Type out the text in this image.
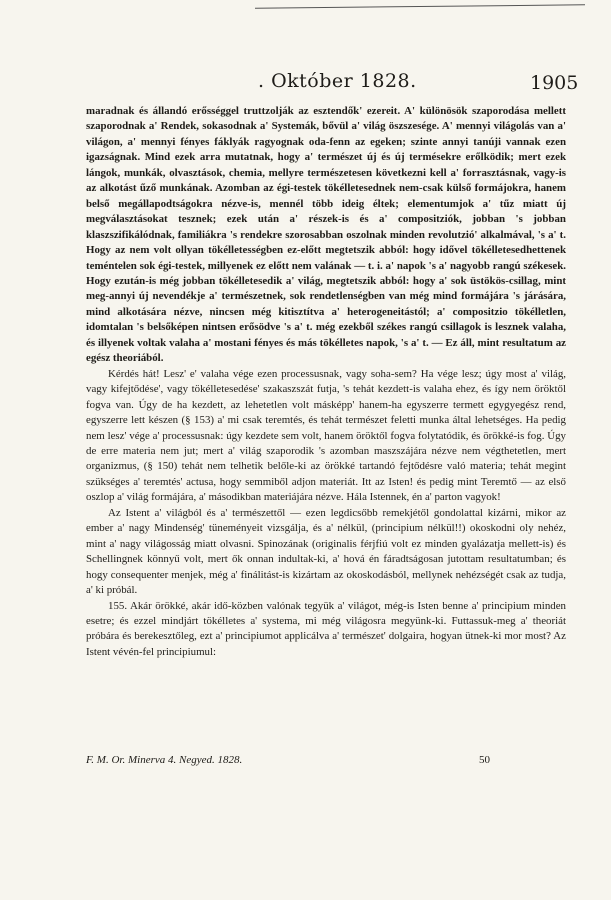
. Október 1828.	1905

maradnak és állandó erősséggel truttzolják az esztendők' ezereit. A' különösök szaporodása mellett szaporodnak a' Rendek, sokasodnak a' Systemák, bővül a' világ öszszesége. A' mennyi világolás van a' világon, a' mennyi fényes fáklyák ragyognak oda-fenn az egeken; szinte annyi tanúji vannak ezen igazságnak. Mind ezek arra mutatnak, hogy a' természet új és új termésekre erőlködik; mert ezek lángok, munkák, olvasztások, chemia, mellyre természetesen következni kell a' forrasztásnak, vagy-is az alkotást űző munkának. Azomban az égi-testek tökélletesednek nem-csak külső formájokra, hanem belső megállapodtságokra nézve-is, mennél több ideig éltek; elementumjok a' tűz miatt új megválasztásokat tesznek; ezek után a' részek-is és a' compositziók, jobban 's jobban klaszszifikálódnak, familiákra 's rendekre szorosabban oszolnak minden revolutzió' alkalmával, 's a' t. Hogy az nem volt ollyan tökélletességben ez-előtt megtetszik abból: hogy idővel tökélletesedhettenek teméntelen sok égi-testek, millyenek ez előtt nem valának — t. i. a' napok 's a' nagyobb rangú székesek. Hogy ezután-is még jobban tökélletesedik a' világ, megtetszik abból: hogy a' sok üstökös-csillag, mint meg-annyi új nevendékje a' természetnek, sok rendetlenségben van még mind formájára 's járására, mind alkotására nézve, nincsen még kitisztítva a' heterogeneitástól; a' compositzio tökélletlen, idomtalan 's belsőképen nintsen erősödve 's a' t. még ezekből székes rangú csillagok is lesznek valaha, és illyenek voltak valaha a' mostani fényes és más tökélletes napok, 's a' t. — Ez áll, mint resultatum az egész theoriából.

Kérdés hát! Lesz' e' valaha vége ezen processusnak, vagy soha-sem? Ha vége lesz; úgy most a' világ, vagy kifejtődése', vagy tökélletesedése' szakaszszát futja, 's tehát kezdett-is valaha ehez, és így nem öröktől fogva van. Úgy de ha kezdett, az lehetetlen volt másképp' hanem-ha egyszerre termett egygyegész rend, egyszerre lett készen (§ 153) a' mi csak teremtés, és tehát természet feletti munka által lehetséges. Ha pedig nem lesz' vége a' processusnak: úgy kezdete sem volt, hanem öröktől fogva folytatódik, és örökké-is fog. Úgy de erre materia nem jut; mert a' világ szaporodik 's azomban maszszájára nézve nem végthetetlen, mert organizmus, (§ 150) tehát nem telhetik belőle-ki az örökké tartandó fejtődésre való materia; tehát megint szükséges a' teremtés' actusa, hogy semmiből adjon materiát. Itt az Isten! és pedig mint Teremtő — az első oszlop a' világ formájára, a' másodikban materiájára nézve. Hála Istennek, én a' parton vagyok!

Az Istent a' világból és a' természettől — ezen legdicsőbb remekjétől gondolattal kizárni, mikor az ember a' nagy Mindenség' tüneményeit vizsgálja, és a' nélkül, (principium nélkül!!) okoskodni oly nehéz, mint a' nagy világosság miatt olvasni. Spinozának (originalis férjfiú volt ez minden gyalázatja mellett-is) és Schellingnek könnyű volt, mert ők onnan indultak-ki, a' hová én fáradtságosan jutottam resultatumban; és hogy consequenter menjek, még a' finálitást-is kizártam az okoskodásból, mellynek nehézségét csak az tudja, a' ki próbál.

155. Akár örökké, akár idő-közben valónak tegyük a' világot, még-is Isten benne a' principium minden esetre; és ezzel mindjárt tökélletes a' systema, mi még világosra megyünk-ki. Futtassuk-meg a' theoriát próbára és berekesztőleg, ezt a' principiumot applicálva a' természet' dolgaira, hogyan ütnek-ki mor most? Az Istent vévén-fel principiumul:

F. M. Or. Minerva 4. Negyed. 1828.	50
